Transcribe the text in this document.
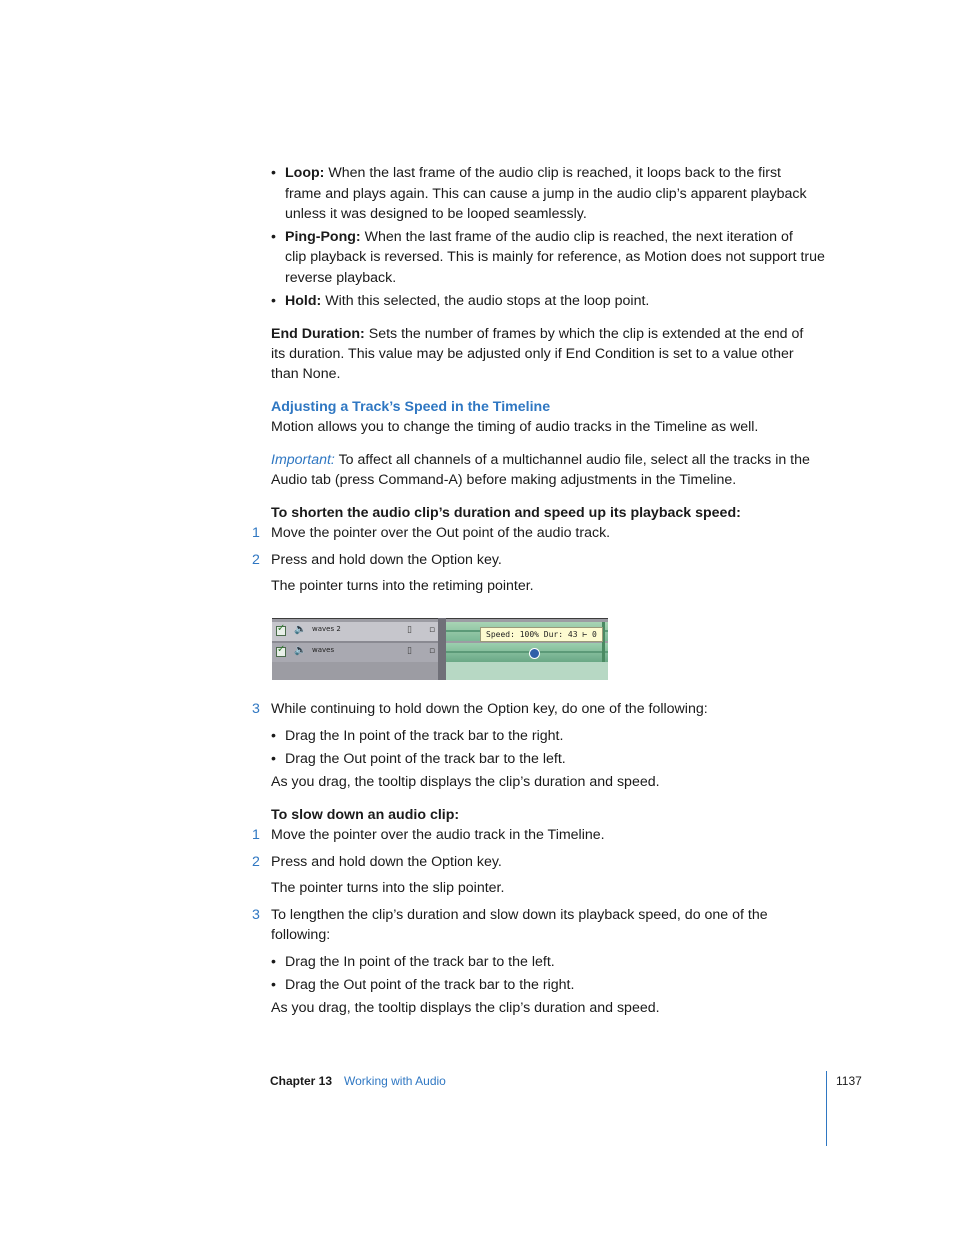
• Loop: When the last frame of the audio clip is reached, it loops back to the first
frame and plays again. This can cause a jump in the audio clip’s apparent playback
unless it was designed to be looped seamlessly.
• Ping-Pong: When the last frame of the audio clip is reached, the next iteration of
clip playback is reversed. This is mainly for reference, as Motion does not support true
reverse playback.
• Hold: With this selected, the audio stops at the loop point.
End Duration: Sets the number of frames by which the clip is extended at the end of
its duration. This value may be adjusted only if End Condition is set to a value other
than None.
Adjusting a Track’s Speed in the Timeline
Motion allows you to change the timing of audio tracks in the Timeline as well.
Important: To affect all channels of a multichannel audio file, select all the tracks in the
Audio tab (press Command-A) before making adjustments in the Timeline.
To shorten the audio clip’s duration and speed up its playback speed:
1 Move the pointer over the Out point of the audio track.
2 Press and hold down the Option key.
The pointer turns into the retiming pointer.
✓
🔈 waves 2	▯ ▫
✓
🔈 waves	▯ ▫
Speed: 100% Dur: 43 ⊢ 0
3 While continuing to hold down the Option key, do one of the following:
• Drag the In point of the track bar to the right.
• Drag the Out point of the track bar to the left.
As you drag, the tooltip displays the clip’s duration and speed.
To slow down an audio clip:
1 Move the pointer over the audio track in the Timeline.
2 Press and hold down the Option key.
The pointer turns into the slip pointer.
3 To lengthen the clip’s duration and slow down its playback speed, do one of the
following:
• Drag the In point of the track bar to the left.
• Drag the Out point of the track bar to the right.
As you drag, the tooltip displays the clip’s duration and speed.
Chapter 13 Working with Audio	1137
